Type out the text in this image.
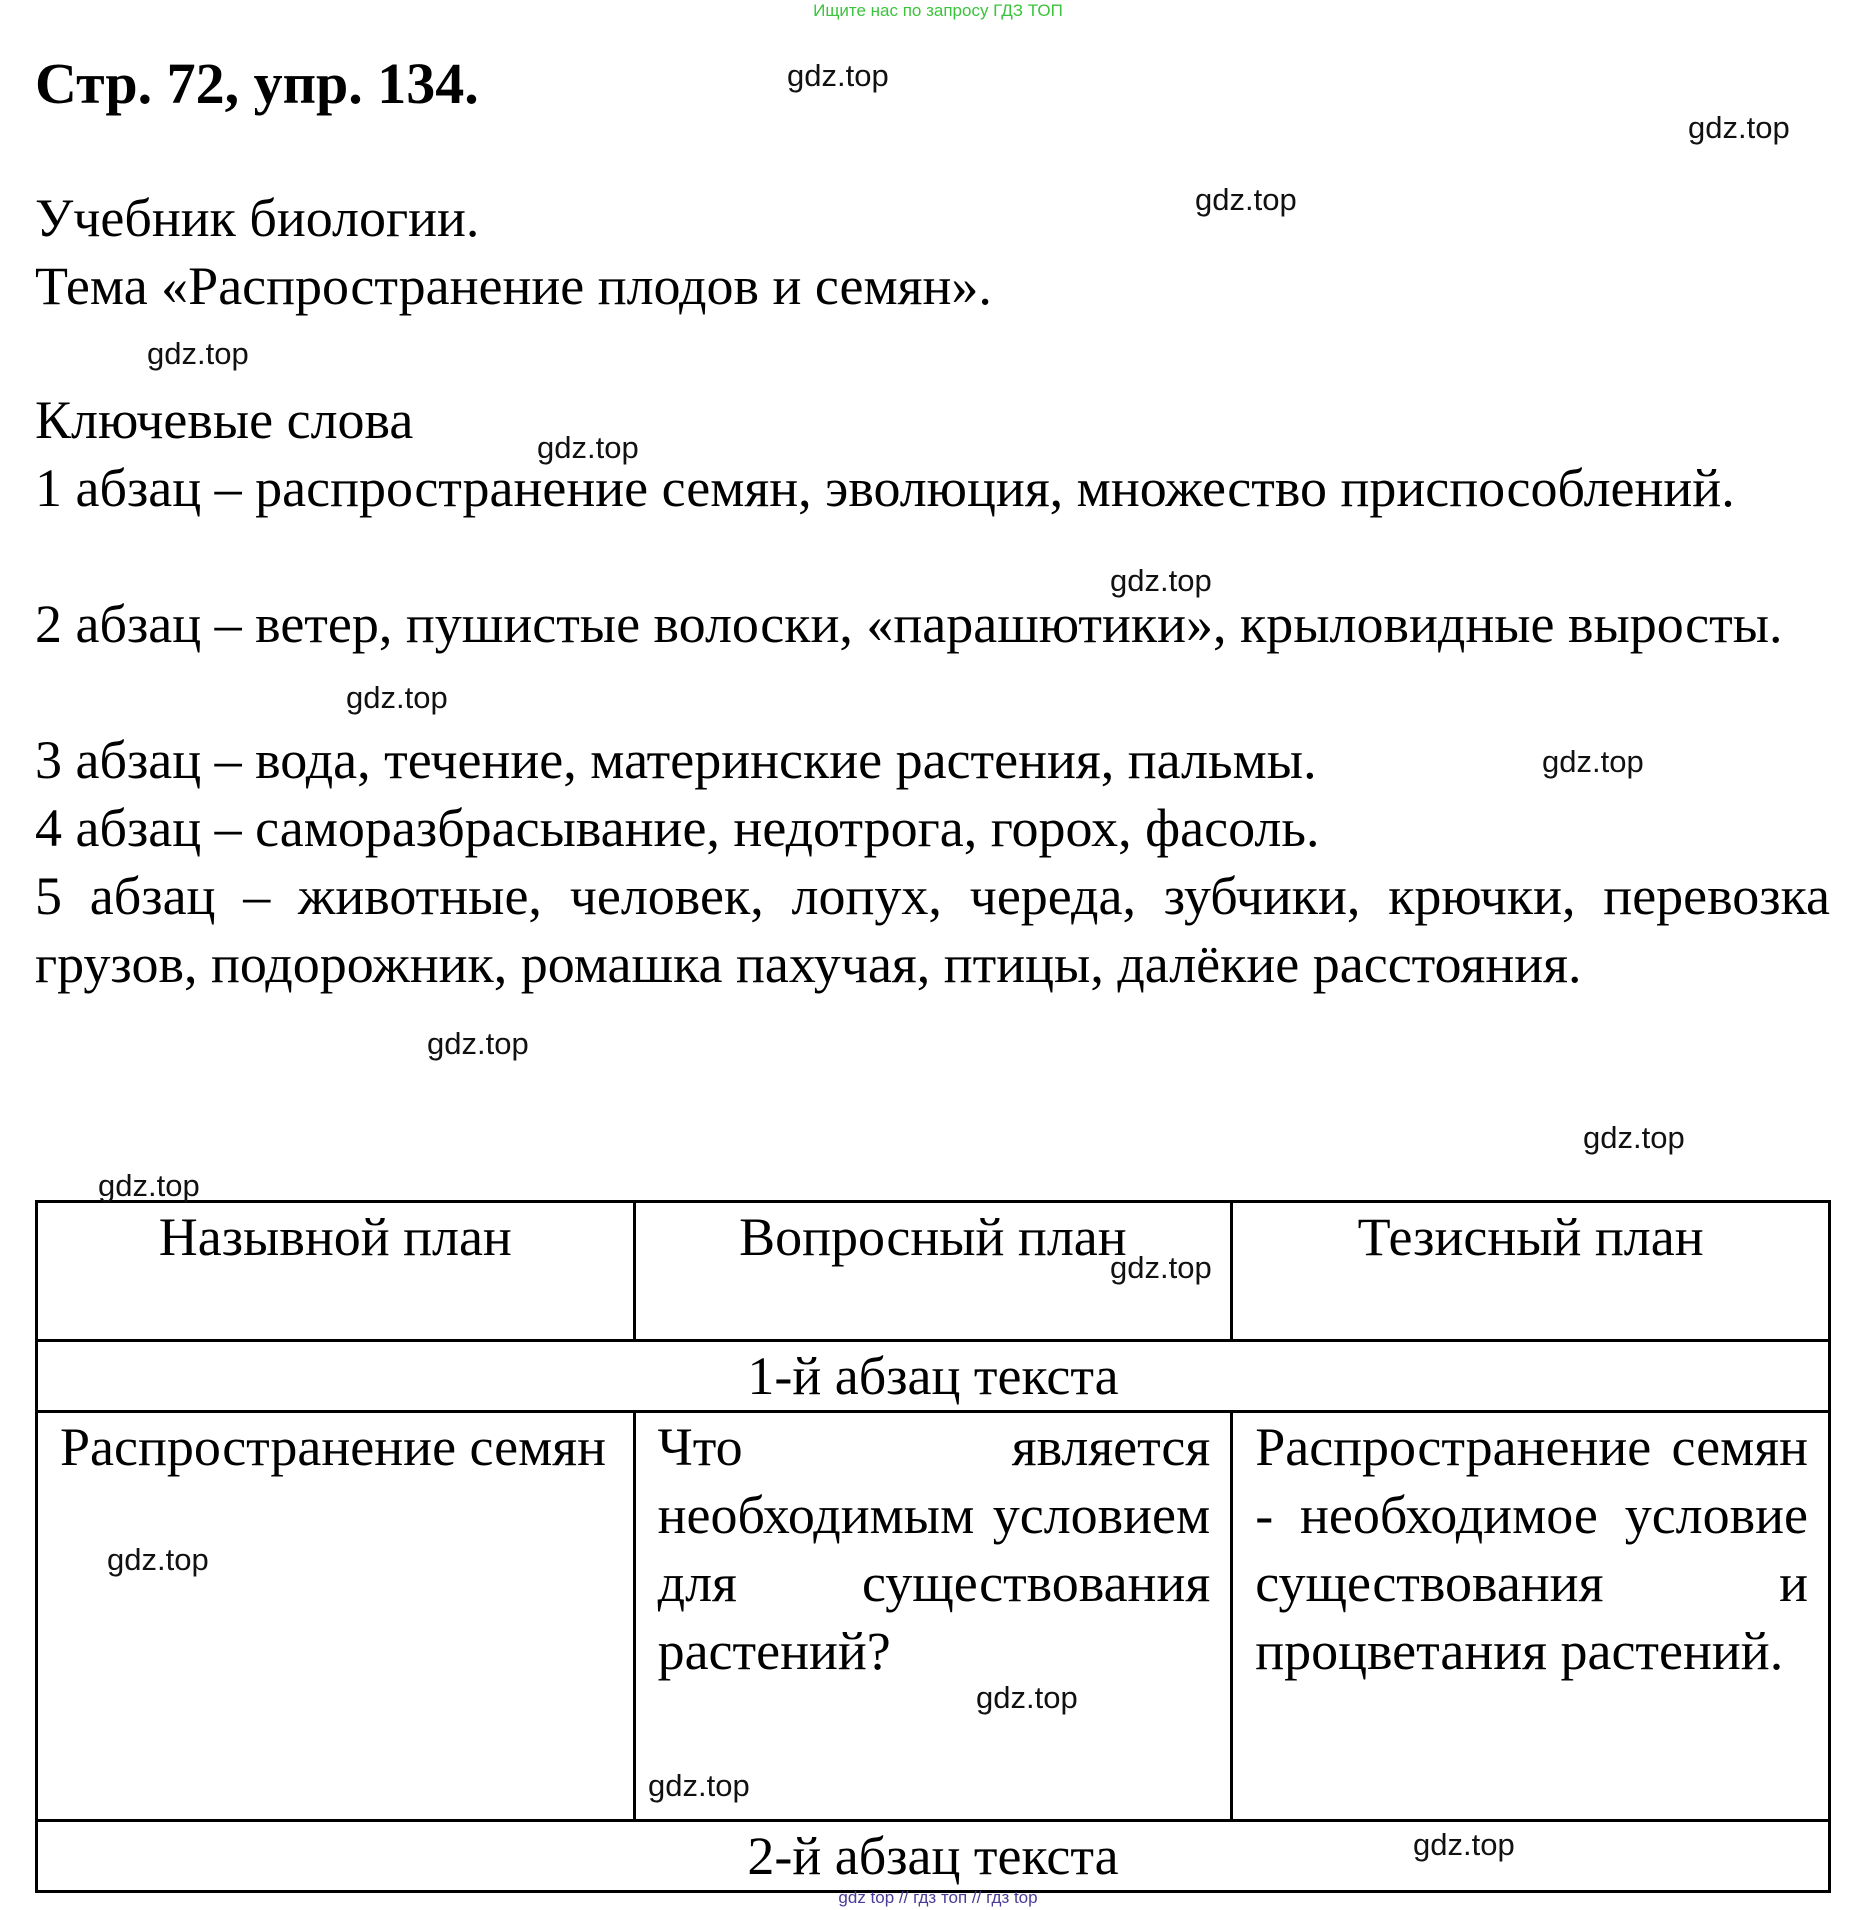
Ищите нас по запросу ГДЗ ТОП
Стр. 72, упр. 134.
Учебник биологии.
Тема «Распространение плодов и семян».
Ключевые слова
1 абзац – распространение семян, эволюция, множество приспособлений.
2 абзац – ветер, пушистые волоски, «парашютики», крыловидные выросты.
3 абзац – вода, течение, материнские растения, пальмы.
4 абзац – саморазбрасывание, недотрога, горох, фасоль.
5 абзац – животные, человек, лопух, череда, зубчики, крючки, перевозка грузов, подорожник, ромашка пахучая, птицы, далёкие расстояния.
Назывной план	Вопросный план	Тезисный план
1-й абзац текста		
Распространение семян	Что является необходимым условием для существования растений?	Распространение семян - необходимое условие существования и процветания растений.
2-й абзац текста		
gdz.top
gdz.top
gdz.top
gdz.top
gdz.top
gdz.top
gdz.top
gdz.top
gdz.top
gdz.top
gdz.top
gdz.top
gdz.top
gdz.top
gdz.top
gdz.top
gdz top // гдз топ // гдз top
